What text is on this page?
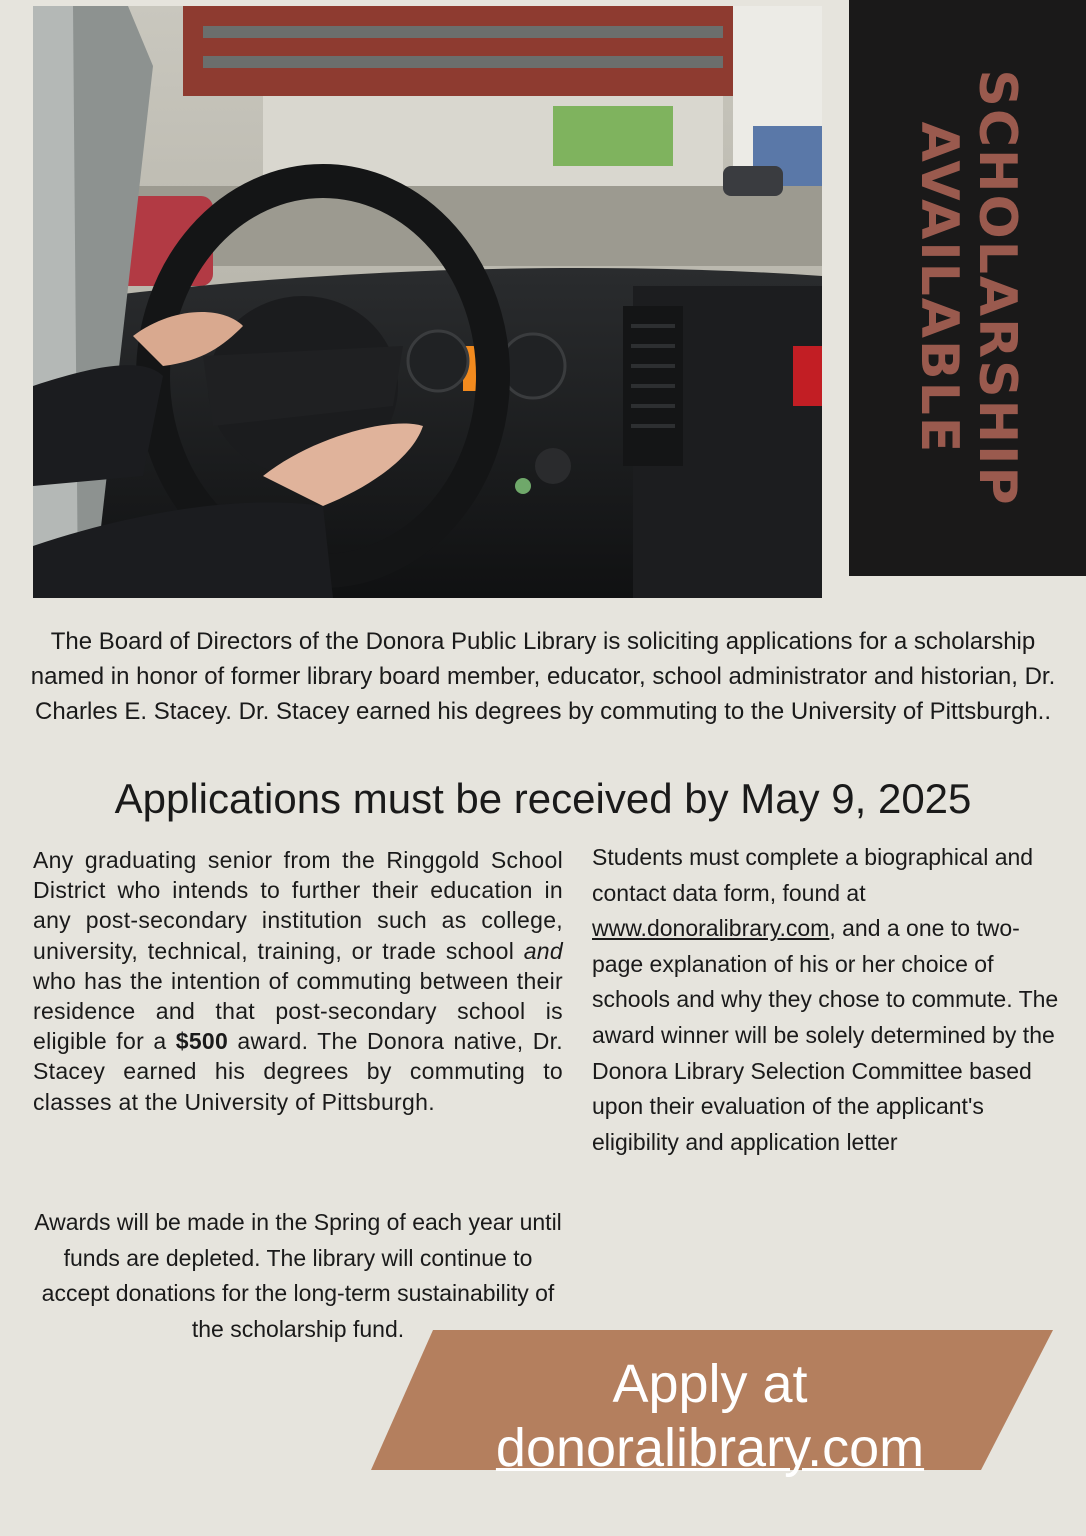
SCHOLARSHIP
AVAILABLE
The Board of Directors of the Donora Public Library is soliciting applications for a scholarship named in honor of former library board member, educator, school administrator and historian, Dr. Charles E. Stacey. Dr. Stacey earned his degrees by commuting to the University of Pittsburgh..
Applications must be received by May 9, 2025
Any graduating senior from the Ringgold School District who intends to further their education in any post-secondary institution such as college, university, technical, training, or trade school and who has the intention of commuting between their residence and that post-secondary school is eligible for a $500 award. The Donora native, Dr. Stacey earned his degrees by commuting to classes at the University of Pittsburgh.
Awards will be made in the Spring of each year until funds are depleted. The library will continue to accept donations for the long-term sustainability of the scholarship fund.
Students must complete a biographical and contact data form, found at www.donoralibrary.com, and a one to two-page explanation of his or her choice of schools and why they chose to commute. The award winner will be solely determined by the Donora Library Selection Committee based upon their evaluation of the applicant's eligibility and application letter
Apply at
donoralibrary.com
